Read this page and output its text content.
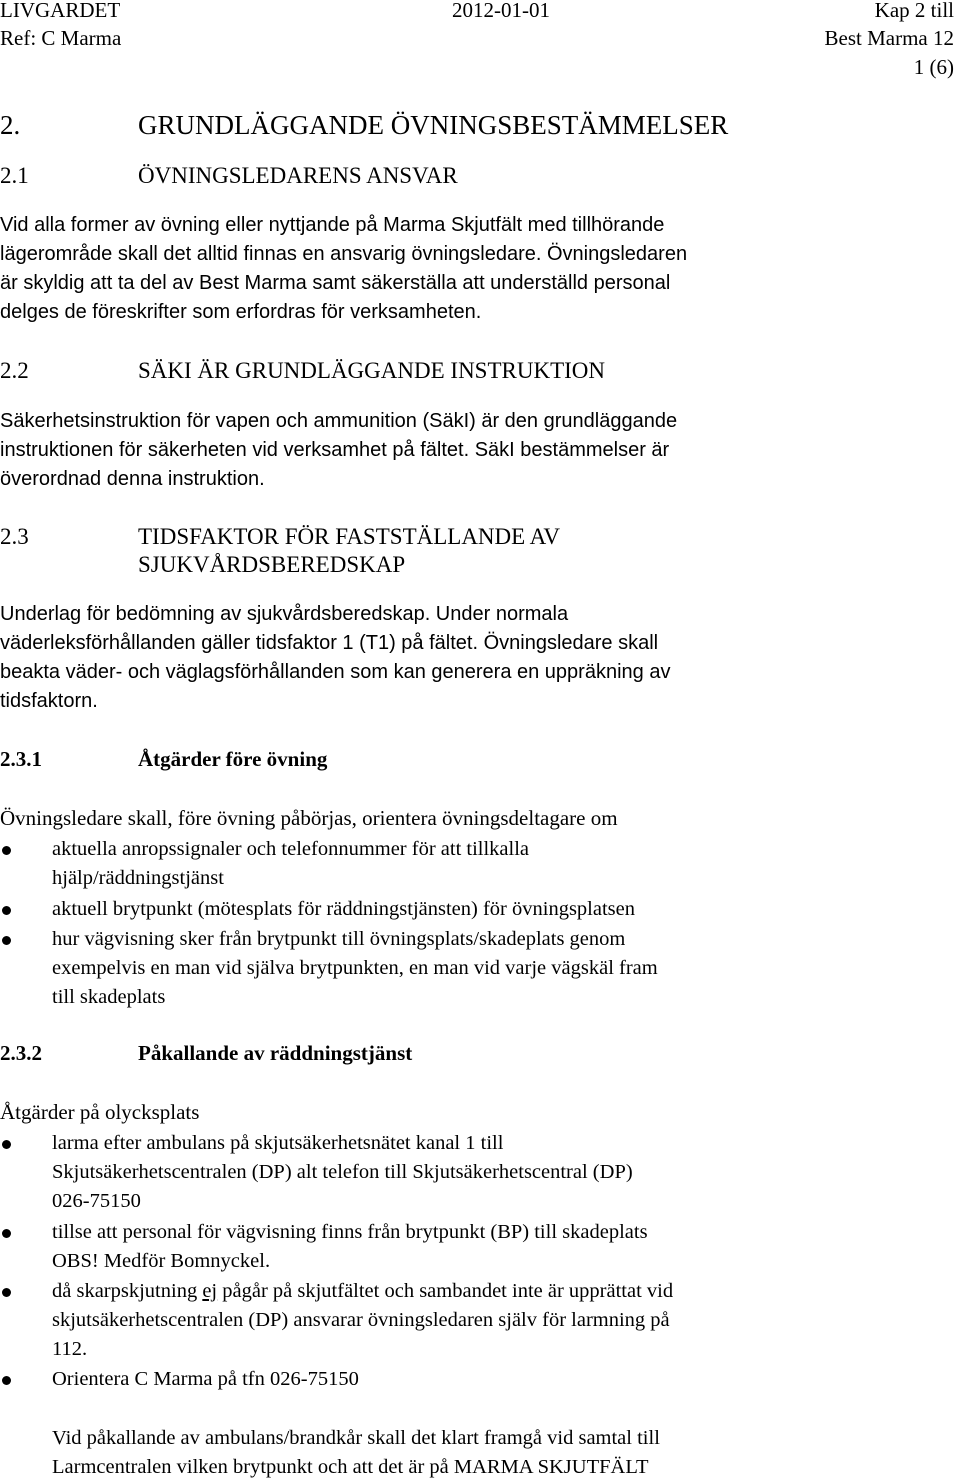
LIVGARDET	2012-01-01	Kap 2 till
Ref: C Marma	Best Marma 12
1 (6)
2.	GRUNDLÄGGANDE ÖVNINGSBESTÄMMELSER
2.1	ÖVNINGSLEDARENS ANSVAR
Vid alla former av övning eller nyttjande på Marma Skjutfält med tillhörande
lägerområde skall det alltid finnas en ansvarig övningsledare. Övningsledaren
är skyldig att ta del av Best Marma samt säkerställa att underställd personal
delges de föreskrifter som erfordras för verksamheten.
2.2	SÄKI ÄR GRUNDLÄGGANDE INSTRUKTION
Säkerhetsinstruktion för vapen och ammunition (SäkI) är den grundläggande
instruktionen för säkerheten vid verksamhet på fältet. SäkI bestämmelser är
överordnad denna instruktion.
2.3	TIDSFAKTOR FÖR FASTSTÄLLANDE AV
SJUKVÅRDSBEREDSKAP
Underlag för bedömning av sjukvårdsberedskap. Under normala
väderleksförhållanden gäller tidsfaktor 1 (T1) på fältet. Övningsledare skall
beakta väder- och väglagsförhållanden som kan generera en uppräkning av
tidsfaktorn.
2.3.1	Åtgärder före övning
Övningsledare skall, före övning påbörjas, orientera övningsdeltagare om
aktuella anropssignaler och telefonnummer för att tillkalla
hjälp/räddningstjänst
aktuell brytpunkt (mötesplats för räddningstjänsten) för övningsplatsen
hur vägvisning sker från brytpunkt till övningsplats/skadeplats genom
exempelvis en man vid själva brytpunkten, en man vid varje vägskäl fram
till skadeplats
2.3.2	Påkallande av räddningstjänst
Åtgärder på olycksplats
larma efter ambulans på skjutsäkerhetsnätet kanal 1 till
Skjutsäkerhetscentralen (DP) alt telefon till Skjutsäkerhetscentral (DP)
026-75150
tillse att personal för vägvisning finns från brytpunkt (BP) till skadeplats
OBS! Medför Bomnyckel.
då skarpskjutning ej pågår på skjutfältet och sambandet inte är upprättat vid
skjutsäkerhetscentralen (DP) ansvarar övningsledaren själv för larmning på
112.
Orientera C Marma på tfn 026-75150
Vid påkallande av ambulans/brandkår skall det klart framgå vid samtal till
Larmcentralen vilken brytpunkt och att det är på MARMA SKJUTFÄLT
